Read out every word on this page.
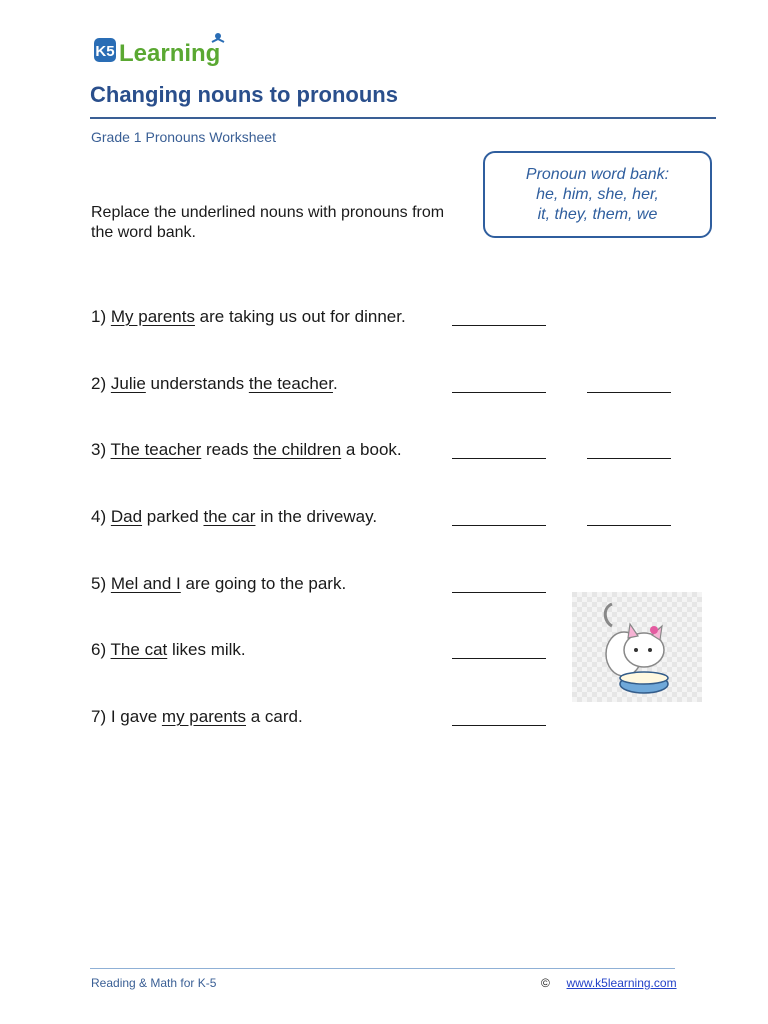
K5 Learning
Changing nouns to pronouns
Grade 1 Pronouns Worksheet
Pronoun word bank:
he, him, she, her,
it, they, them, we
Replace the underlined nouns with pronouns from the word bank.
1) My parents are taking us out for dinner.
2) Julie understands the teacher.
3) The teacher reads the children a book.
4) Dad parked the car in the driveway.
5) Mel and I are going to the park.
6) The cat likes milk.
7) I gave my parents a card.
Reading & Math for K-5	© www.k5learning.com
